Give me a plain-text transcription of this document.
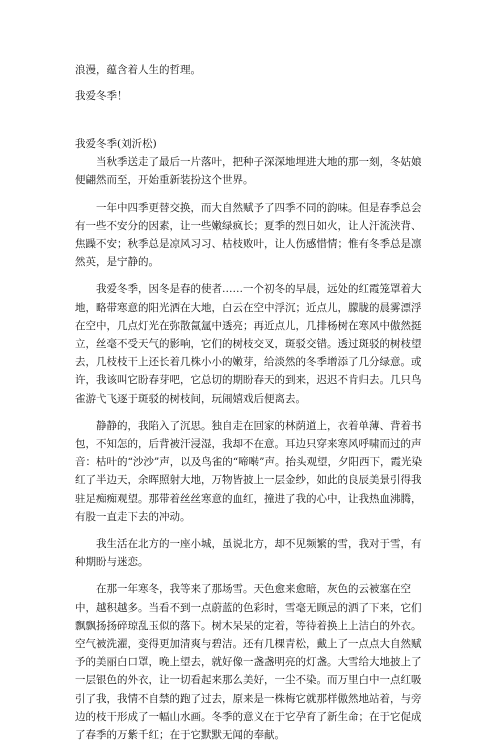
浪漫，蕴含着人生的哲理。
我爱冬季！

我爱冬季(刘沂松)

当秋季送走了最后一片落叶，把种子深深地埋进大地的那一刻，冬姑娘便翩然而至，开始重新装扮这个世界。

一年中四季更替交换，而大自然赋予了四季不同的韵味。但是春季总会有一些不安分的因素，让一些嫩绿疯长；夏季的烈日如火，让人汗流浃背、焦躁不安；秋季总是凉风习习、枯枝败叶，让人伤感惜情；惟有冬季总是凛然英，是宁静的。

我爱冬季，因冬是春的使者……一个初冬的早晨，远处的红霞笼罩着大地，略带寒意的阳光洒在大地，白云在空中浮沉；近点儿，朦胧的晨雾漂浮在空中，几点灯光在弥散氤氲中透亮；再近点儿，几排杨树在寒风中傲然挺立，丝毫不受天气的影响，它们的树枝交叉，斑驳交错。透过斑驳的树枝望去，几枝枝干上还长着几株小小的嫩芽，给淡然的冬季增添了几分绿意。或许，我该叫它盼春芽吧，它总切的期盼春天的到来，迟迟不肯归去。几只鸟雀游弋飞逐于斑驳的树枝间，玩闹嬉戏后便离去。

静静的，我陷入了沉思。独自走在回家的林荫道上，衣着单薄、背着书包，不知怎的，后背被汗浸湿，我却不在意。耳边只穿来寒风呼啸而过的声音：枯叶的“沙沙”声，以及鸟雀的“啼啭”声。抬头观望，夕阳西下，霞光染红了半边天，余晖照射大地，万物皆披上一层金纱，如此的良辰美景引得我驻足痴痴观望。那带着丝丝寒意的血红，撞进了我的心中，让我热血沸腾，有股一直走下去的冲动。

我生活在北方的一座小城，虽说北方，却不见频繁的雪，我对于雪，有种期盼与迷恋。

在那一年寒冬，我等来了那场雪。天色愈来愈暗，灰色的云被塞在空中，越积越多。当看不到一点蔚蓝的色彩时，雪毫无顾忌的洒了下来，它们飘飘扬扬碎琼乱玉似的落下。树木呆呆的定着，等待着换上上洁白的外衣。空气被洗濯，变得更加清爽与碧洁。还有几棵青松，戴上了一点点大自然赋予的美丽白口罩，晚上望去，就好像一盏盏明亮的灯盏。大雪给大地披上了一层银色的外衣，让一切看起来那么美好，一尘不染。而万里白中一点红吸引了我，我情不自禁的跑了过去，原来是一株梅它就那样傲然地站着，与旁边的枝干形成了一幅山水画。冬季的意义在于它孕育了新生命；在于它促成了春季的万紫千红；在于它默默无闻的奉献。
